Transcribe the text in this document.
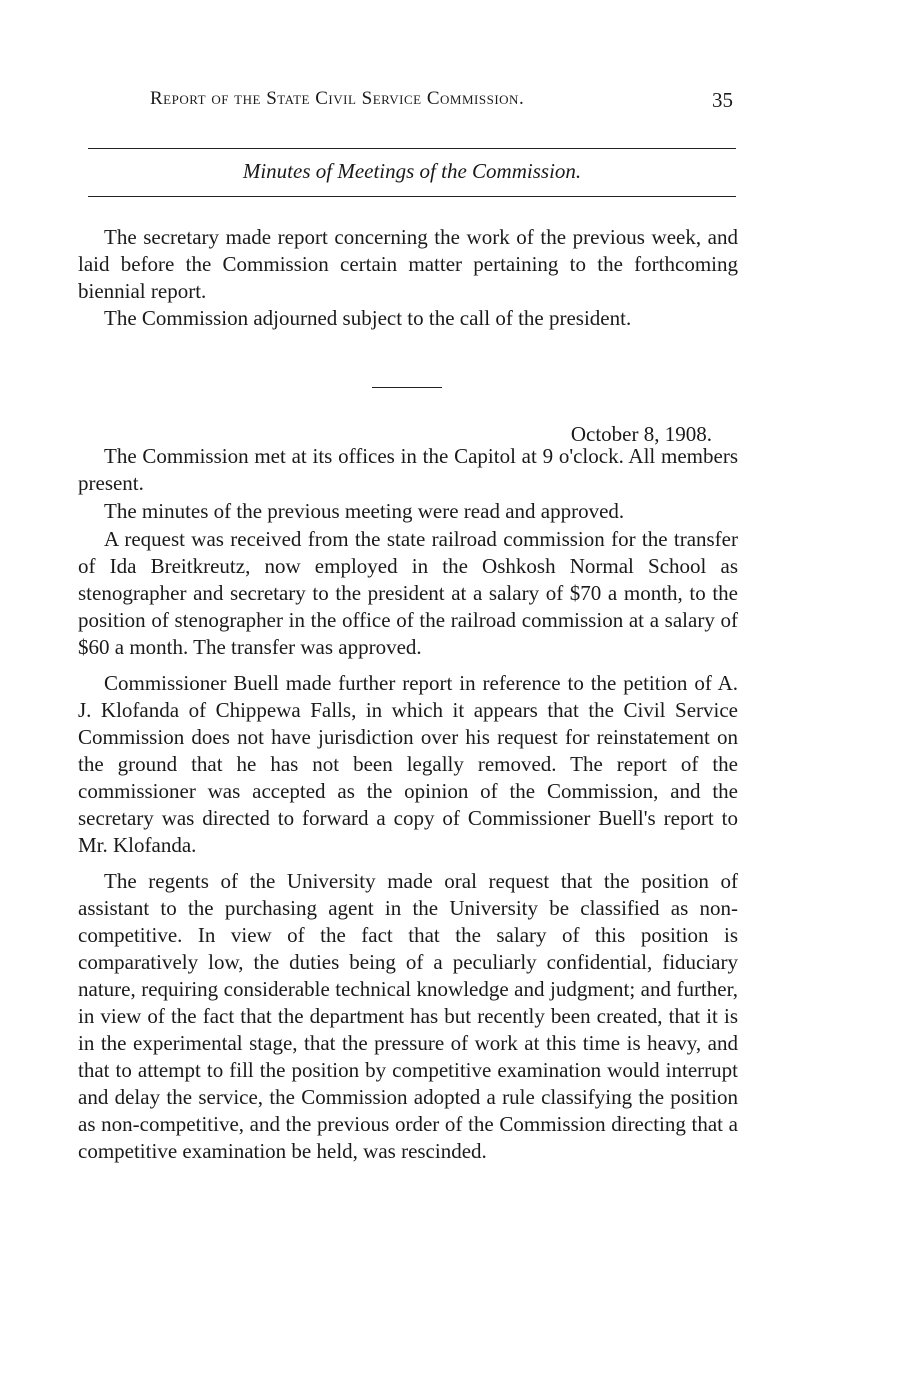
Report of the State Civil Service Commission.	35
Minutes of Meetings of the Commission.

The secretary made report concerning the work of the previous week, and laid before the Commission certain matter pertaining to the forthcoming biennial report.

The Commission adjourned subject to the call of the president.

October 8, 1908.

The Commission met at its offices in the Capitol at 9 o'clock. All members present.

The minutes of the previous meeting were read and approved.

A request was received from the state railroad commission for the transfer of Ida Breitkreutz, now employed in the Oshkosh Normal School as stenographer and secretary to the president at a salary of $70 a month, to the position of stenographer in the office of the railroad commission at a salary of $60 a month. The transfer was approved.

Commissioner Buell made further report in reference to the petition of A. J. Klofanda of Chippewa Falls, in which it appears that the Civil Service Commission does not have jurisdiction over his request for reinstatement on the ground that he has not been legally removed. The report of the commissioner was accepted as the opinion of the Commission, and the secretary was directed to forward a copy of Commissioner Buell's report to Mr. Klofanda.

The regents of the University made oral request that the position of assistant to the purchasing agent in the University be classified as non-competitive. In view of the fact that the salary of this position is comparatively low, the duties being of a peculiarly confidential, fiduciary nature, requiring considerable technical knowledge and judgment; and further, in view of the fact that the department has but recently been created, that it is in the experimental stage, that the pressure of work at this time is heavy, and that to attempt to fill the position by competitive examination would interrupt and delay the service, the Commission adopted a rule classifying the position as non-competitive, and the previous order of the Commission directing that a competitive examination be held, was rescinded.
